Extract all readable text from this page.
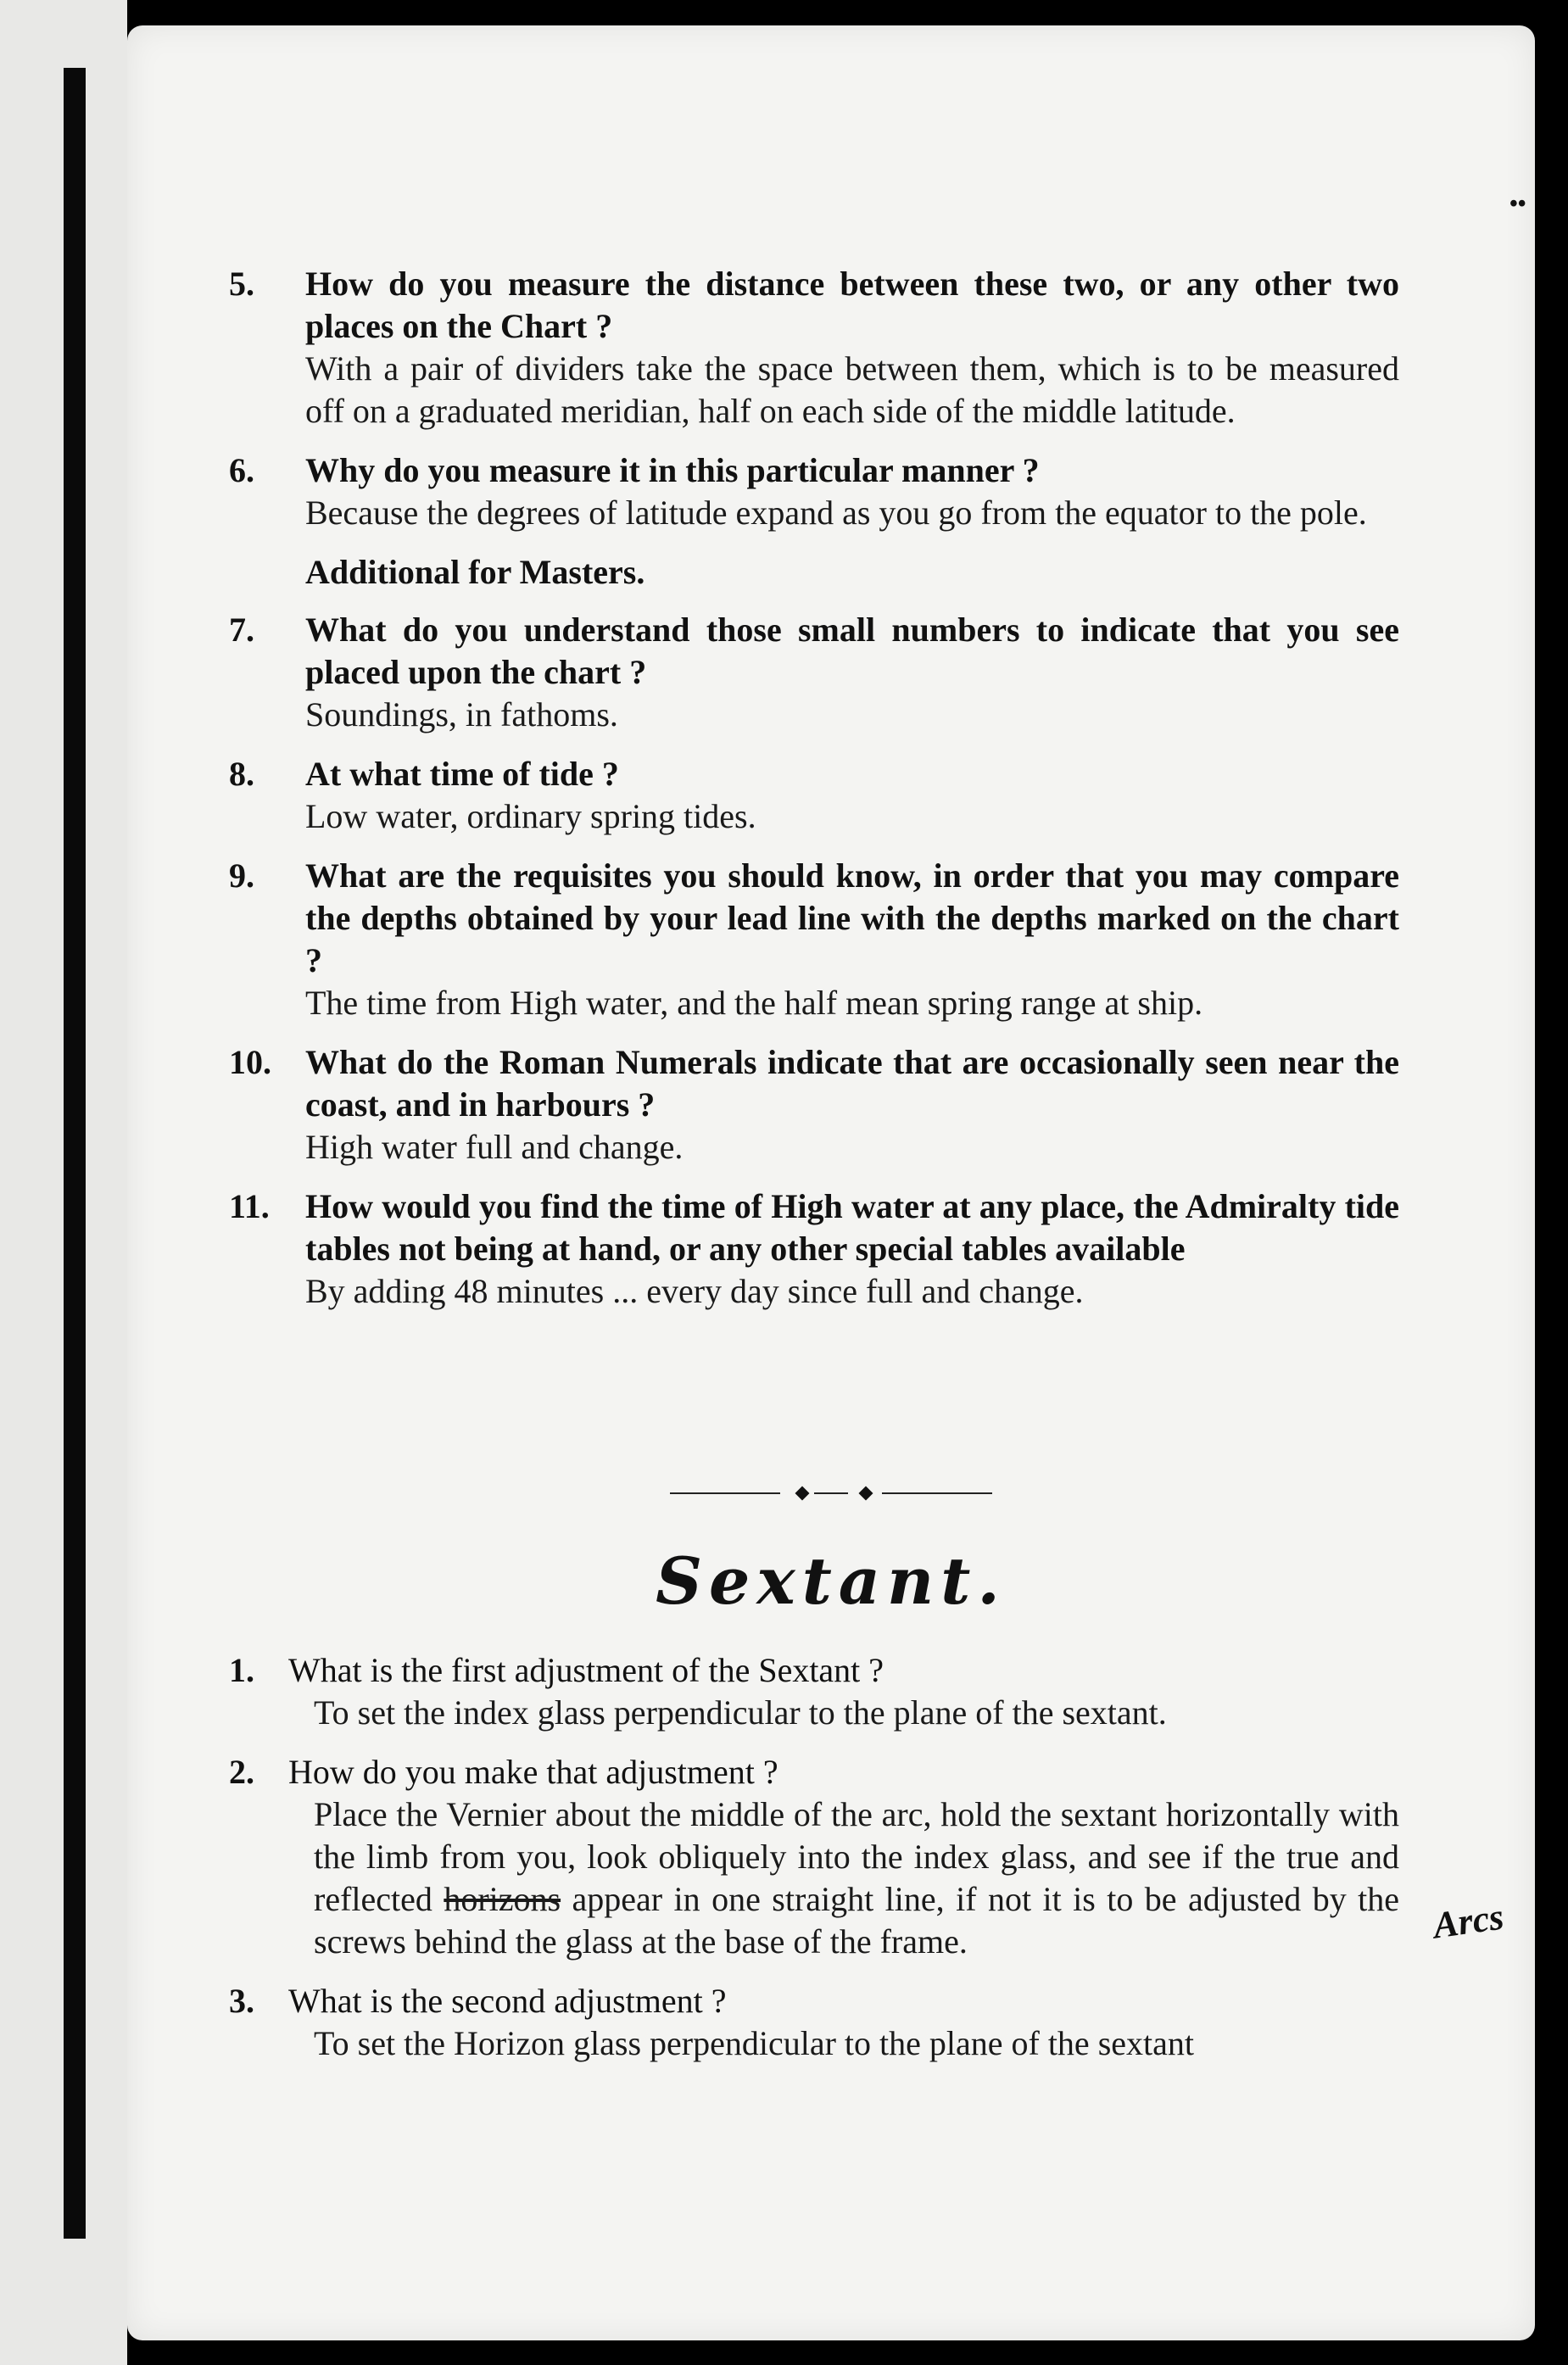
••
5.	How do you measure the distance between these two, or any other two places on the Chart ?
With a pair of dividers take the space between them, which is to be measured off on a graduated meridian, half on each side of the middle latitude.
6.	Why do you measure it in this particular manner ?
Because the degrees of latitude expand as you go from the equator to the pole.
Additional for Masters.
7.	What do you understand those small numbers to indicate that you see placed upon the chart ?
Soundings, in fathoms.
8.	At what time of tide ?
Low water, ordinary spring tides.
9.	What are the requisites you should know, in order that you may compare the depths obtained by your lead line with the depths marked on the chart ?
The time from High water, and the half mean spring range at ship.
10.	What do the Roman Numerals indicate that are occasionally seen near the coast, and in harbours ?
High water full and change.
11.	How would you find the time of High water at any place, the Admiralty tide tables not being at hand, or any other special tables available
By adding 48 minutes ... every day since full and change.
Sextant.
1.	What is the first adjustment of the Sextant ?
To set the index glass perpendicular to the plane of the sextant.
2.	How do you make that adjustment ?
Place the Vernier about the middle of the arc, hold the sextant horizontally with the limb from you, look obliquely into the index glass, and see if the true and reflected horizons appear in one straight line, if not it is to be adjusted by the screws behind the glass at the base of the frame.
3.	What is the second adjustment ?
To set the Horizon glass perpendicular to the plane of the sextant
Arcs
